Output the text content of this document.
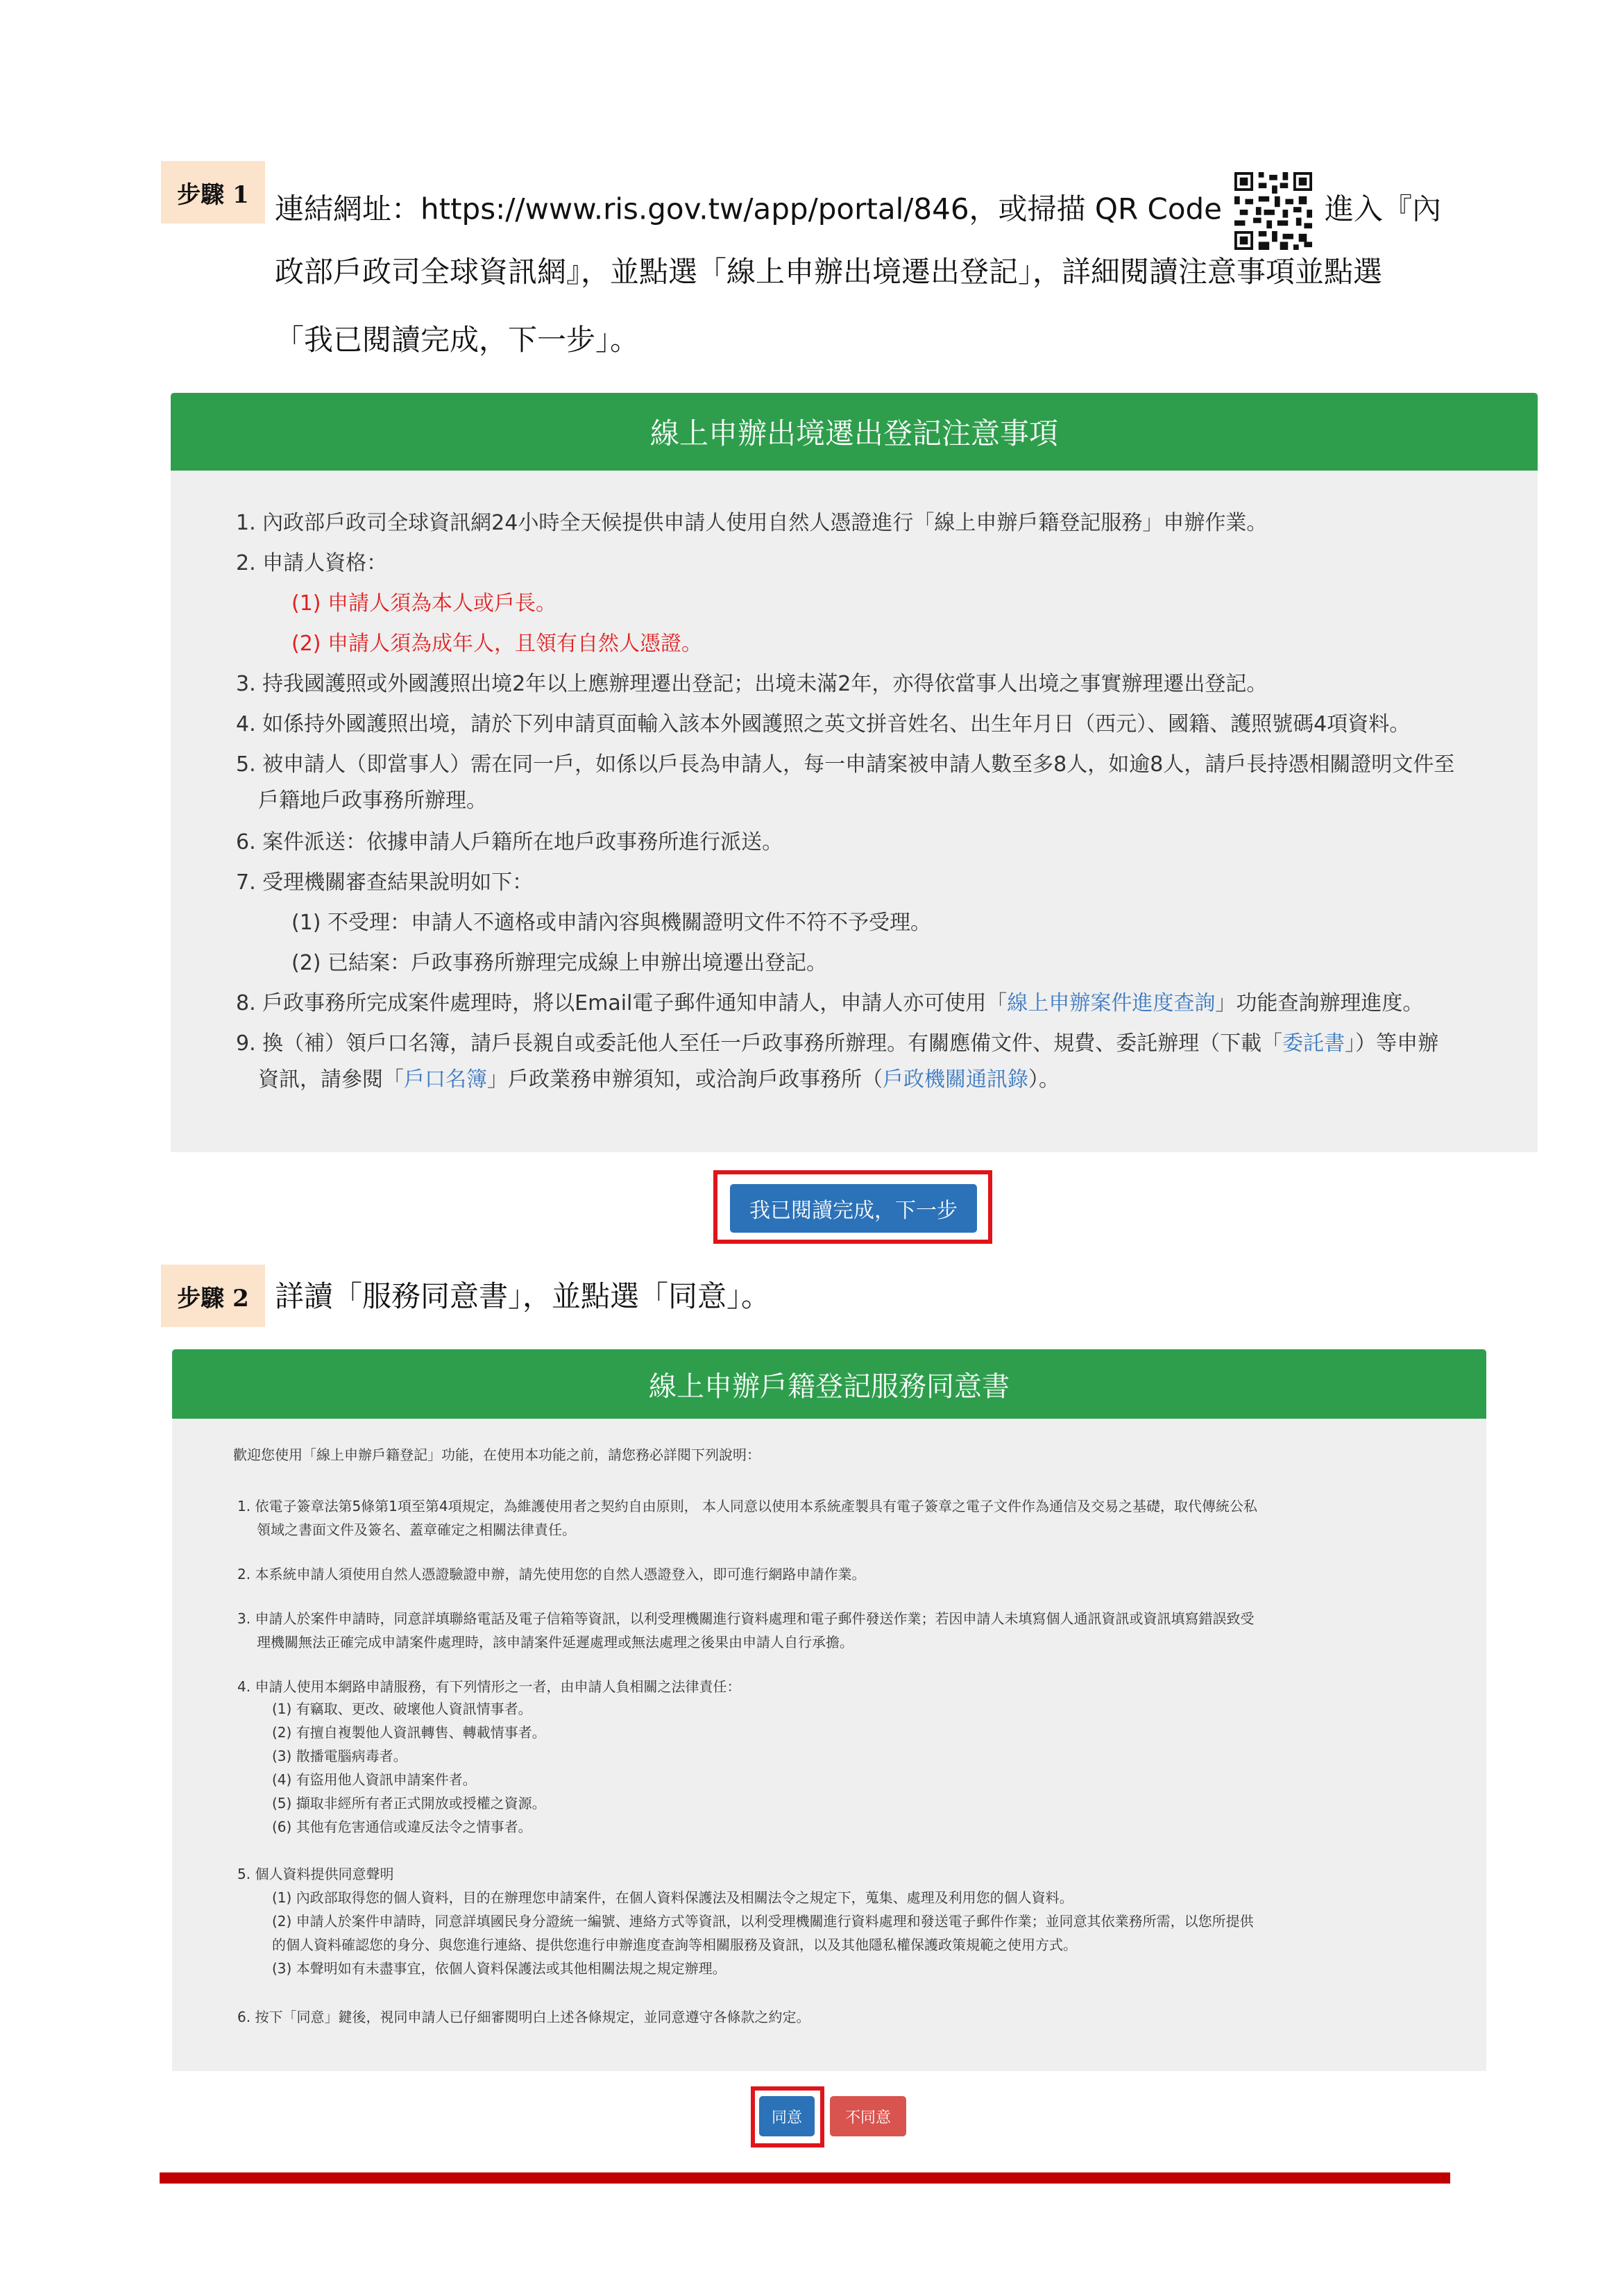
步驟 1 連結網址：https://www.ris.gov.tw/app/portal/846，或掃描 QR Code	進入『內
政部戶政司全球資訊網』，並點選「線上申辦出境遷出登記」，詳細閱讀注意事項並點選
「我已閱讀完成，下一步」。
線上申辦出境遷出登記注意事項
1. 內政部戶政司全球資訊網24小時全天候提供申請人使用自然人憑證進行「線上申辦戶籍登記服務」申辦作業。
2. 申請人資格：
(1) 申請人須為本人或戶長。
(2) 申請人須為成年人，且領有自然人憑證。
3. 持我國護照或外國護照出境2年以上應辦理遷出登記；出境未滿2年，亦得依當事人出境之事實辦理遷出登記。
4. 如係持外國護照出境，請於下列申請頁面輸入該本外國護照之英文拼音姓名、出生年月日（西元）、國籍、護照號碼4項資料。
5. 被申請人（即當事人）需在同一戶，如係以戶長為申請人，每一申請案被申請人數至多8人，如逾8人，請戶長持憑相關證明文件至
戶籍地戶政事務所辦理。
6. 案件派送：依據申請人戶籍所在地戶政事務所進行派送。
7. 受理機關審查結果說明如下：
(1) 不受理：申請人不適格或申請內容與機關證明文件不符不予受理。
(2) 已結案：戶政事務所辦理完成線上申辦出境遷出登記。
8. 戶政事務所完成案件處理時，將以Email電子郵件通知申請人，申請人亦可使用「線上申辦案件進度查詢」功能查詢辦理進度。
9. 換（補）領戶口名簿，請戶長親自或委託他人至任一戶政事務所辦理。有關應備文件、規費、委託辦理（下載「委託書」）等申辦
資訊，請參閱「戶口名簿」戶政業務申辦須知，或洽詢戶政事務所（戶政機關通訊錄）。
我已閱讀完成，下一步
步驟 2 詳讀「服務同意書」，並點選「同意」。
線上申辦戶籍登記服務同意書
歡迎您使用「線上申辦戶籍登記」功能，在使用本功能之前，請您務必詳閱下列說明：
1. 依電子簽章法第5條第1項至第4項規定，為維護使用者之契約自由原則， 本人同意以使用本系統產製具有電子簽章之電子文件作為通信及交易之基礎，取代傳統公私
領域之書面文件及簽名、蓋章確定之相關法律責任。
2. 本系統申請人須使用自然人憑證驗證申辦，請先使用您的自然人憑證登入，即可進行網路申請作業。
3. 申請人於案件申請時，同意詳填聯絡電話及電子信箱等資訊，以利受理機關進行資料處理和電子郵件發送作業；若因申請人未填寫個人通訊資訊或資訊填寫錯誤致受
理機關無法正確完成申請案件處理時，該申請案件延遲處理或無法處理之後果由申請人自行承擔。
4. 申請人使用本網路申請服務，有下列情形之一者，由申請人負相關之法律責任：
(1) 有竊取、更改、破壞他人資訊情事者。
(2) 有擅自複製他人資訊轉售、轉載情事者。
(3) 散播電腦病毒者。
(4) 有盜用他人資訊申請案件者。
(5) 擷取非經所有者正式開放或授權之資源。
(6) 其他有危害通信或違反法令之情事者。
5. 個人資料提供同意聲明
(1) 內政部取得您的個人資料，目的在辦理您申請案件，在個人資料保護法及相關法令之規定下，蒐集、處理及利用您的個人資料。
(2) 申請人於案件申請時，同意詳填國民身分證統一編號、連絡方式等資訊，以利受理機關進行資料處理和發送電子郵件作業；並同意其依業務所需，以您所提供
的個人資料確認您的身分、與您進行連絡、提供您進行申辦進度查詢等相關服務及資訊，以及其他隱私權保護政策規範之使用方式。
(3) 本聲明如有未盡事宜，依個人資料保護法或其他相關法規之規定辦理。
6. 按下「同意」鍵後，視同申請人已仔細審閱明白上述各條規定，並同意遵守各條款之約定。
同意	不同意
